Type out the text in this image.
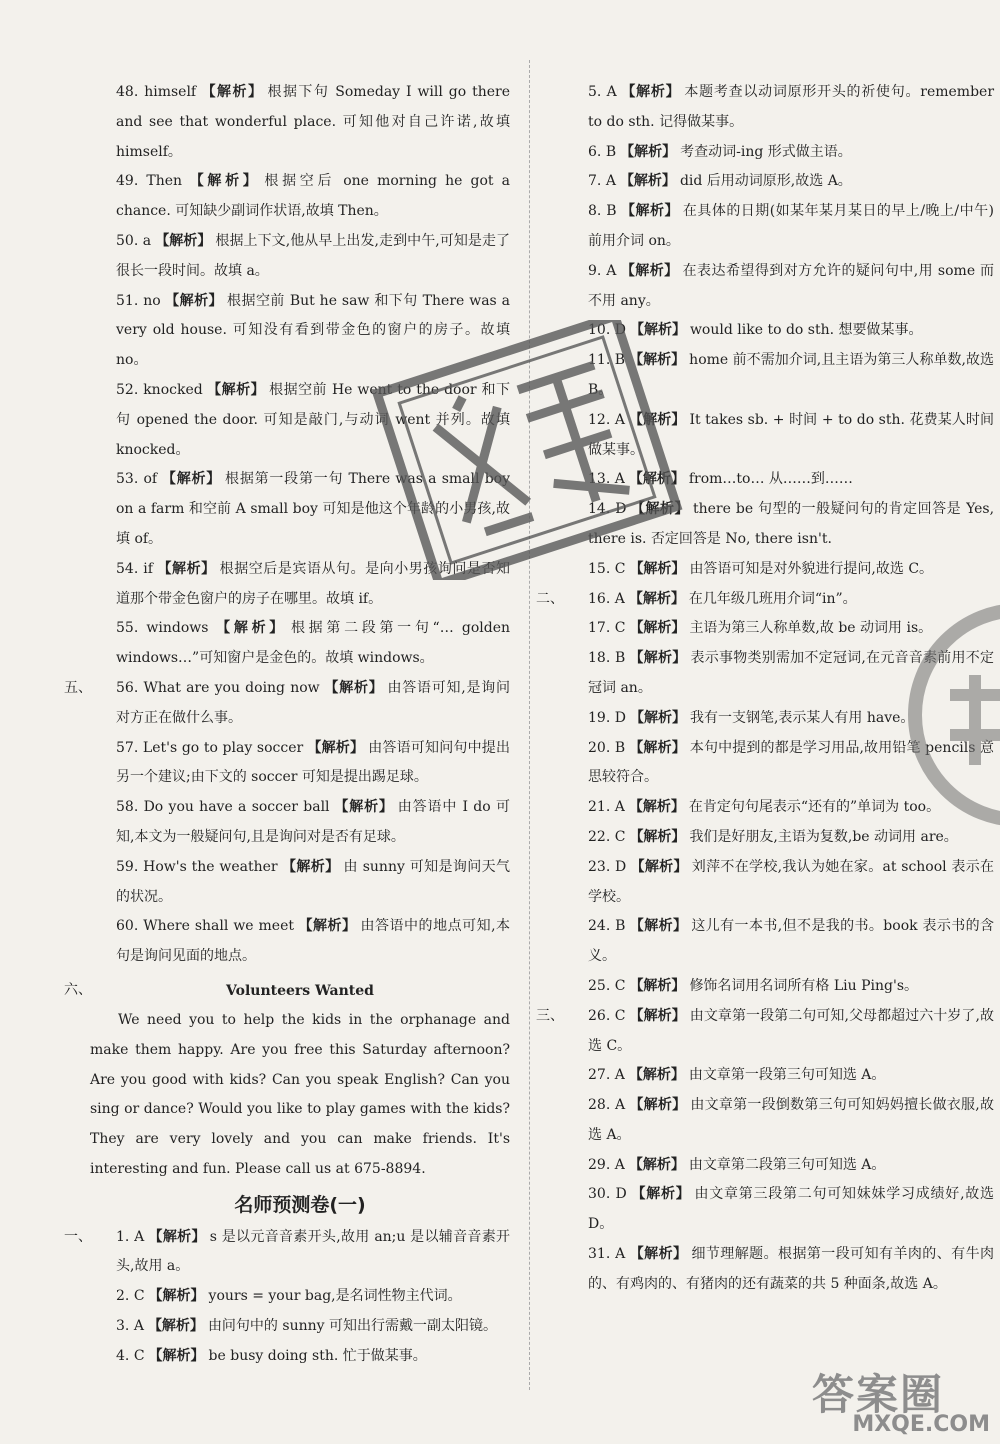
48. himself 【解析】 根据下句 Someday I will go there and see that wonderful place. 可知他对自己许诺,故填 himself。
49. Then 【解析】 根据空后 one morning he got a chance. 可知缺少副词作状语,故填 Then。
50. a 【解析】 根据上下文,他从早上出发,走到中午,可知是走了很长一段时间。故填 a。
51. no 【解析】 根据空前 But he saw 和下句 There was a very old house. 可知没有看到带金色的窗户的房子。故填 no。
52. knocked 【解析】 根据空前 He went to the door 和下句 opened the door. 可知是敲门,与动词 went 并列。故填 knocked。
53. of 【解析】 根据第一段第一句 There was a small boy on a farm 和空前 A small boy 可知是他这个年龄的小男孩,故填 of。
54. if 【解析】 根据空后是宾语从句。是向小男孩询问是否知道那个带金色窗户的房子在哪里。故填 if。
55. windows 【解析】 根据第二段第一句“… golden windows…”可知窗户是金色的。故填 windows。
五、 56. What are you doing now 【解析】 由答语可知,是询问对方正在做什么事。
57. Let's go to play soccer 【解析】 由答语可知问句中提出另一个建议;由下文的 soccer 可知是提出踢足球。
58. Do you have a soccer ball 【解析】 由答语中 I do 可知,本文为一般疑问句,且是询问对是否有足球。
59. How's the weather 【解析】 由 sunny 可知是询问天气的状况。
60. Where shall we meet 【解析】 由答语中的地点可知,本句是询问见面的地点。
六、	Volunteers Wanted
We need you to help the kids in the orphanage and make them happy. Are you free this Saturday afternoon? Are you good with kids? Can you speak English? Can you sing or dance? Would you like to play games with the kids? They are very lovely and you can make friends. It's interesting and fun. Please call us at 675-8894.
名师预测卷(一)
一、 1. A 【解析】 s 是以元音音素开头,故用 an;u 是以辅音音素开头,故用 a。
2. C 【解析】 yours = your bag,是名词性物主代词。
3. A 【解析】 由问句中的 sunny 可知出行需戴一副太阳镜。
4. C 【解析】 be busy doing sth. 忙于做某事。
5. A 【解析】 本题考查以动词原形开头的祈使句。remember to do sth. 记得做某事。
6. B 【解析】 考查动词-ing 形式做主语。
7. A 【解析】 did 后用动词原形,故选 A。
8. B 【解析】 在具体的日期(如某年某月某日的早上/晚上/中午)前用介词 on。
9. A 【解析】 在表达希望得到对方允许的疑问句中,用 some 而不用 any。
10. D 【解析】 would like to do sth. 想要做某事。
11. B 【解析】 home 前不需加介词,且主语为第三人称单数,故选 B。
12. A 【解析】 It takes sb. + 时间 + to do sth. 花费某人时间做某事。
13. A 【解析】 from…to… 从……到……
14. D 【解析】 there be 句型的一般疑问句的肯定回答是 Yes, there is. 否定回答是 No, there isn't.
15. C 【解析】 由答语可知是对外貌进行提问,故选 C。
二、 16. A 【解析】 在几年级几班用介词“in”。
17. C 【解析】 主语为第三人称单数,故 be 动词用 is。
18. B 【解析】 表示事物类别需加不定冠词,在元音音素前用不定冠词 an。
19. D 【解析】 我有一支钢笔,表示某人有用 have。
20. B 【解析】 本句中提到的都是学习用品,故用铅笔 pencils 意思较符合。
21. A 【解析】 在肯定句句尾表示“还有的”单词为 too。
22. C 【解析】 我们是好朋友,主语为复数,be 动词用 are。
23. D 【解析】 刘萍不在学校,我认为她在家。at school 表示在学校。
24. B 【解析】 这儿有一本书,但不是我的书。book 表示书的含义。
25. C 【解析】 修饰名词用名词所有格 Liu Ping's。
三、 26. C 【解析】 由文章第一段第二句可知,父母都超过六十岁了,故选 C。
27. A 【解析】 由文章第一段第三句可知选 A。
28. A 【解析】 由文章第一段倒数第三句可知妈妈擅长做衣服,故选 A。
29. A 【解析】 由文章第二段第三句可知选 A。
30. D 【解析】 由文章第三段第二句可知妹妹学习成绩好,故选 D。
31. A 【解析】 细节理解题。根据第一段可知有羊肉的、有牛肉的、有鸡肉的、有猪肉的还有蔬菜的共 5 种面条,故选 A。
答案圈
MXQE.COM
